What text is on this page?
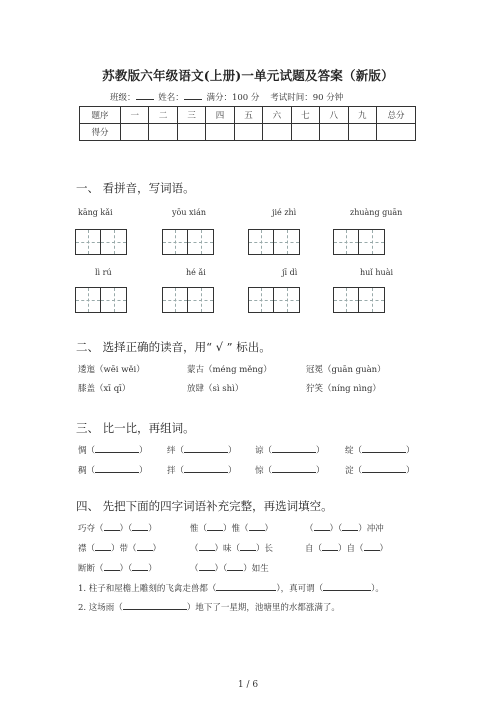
苏教版六年级语文(上册)一单元试题及答案（新版）
班级：	姓名：	满分：100 分 考试时间：90 分钟
题序	一	二	三	四	五	六	七	八	九	总分
得分										
一、 看拼音，写词语。
kāng kǎi	yōu xián	jié zhì	zhuàng guān
lì rú	hé ǎi	jī dì	huǐ huài
二、 选择正确的读音，用“ √ ” 标出。
逶迤（wēi wěi）	蒙古（méng měng）	冠冕（guān guàn）
膝盖（xī qī）	放肆（sì shì）	狞笑（níng nìng）
三、 比一比，再组词。
惆（	） 绊（	） 谅（	） 绽（	）
稠（	） 拌（	） 惊（	） 淀（	）
四、 先把下面的四字词语补充完整，再选词填空。
巧夺（ ）（ ）	惟（ ）惟（ ）	（ ）（ ）冲冲
襟（ ）带（ ）	（ ）味（ ）长	自（ ）自（ ）
断断（ ）（ ）	（ ）（ ）如生
1. 柱子和屋檐上雕刻的飞禽走兽都（	），真可谓（	）。
2. 这场雨（	）地下了一星期，池塘里的水都涨满了。
1 / 6
